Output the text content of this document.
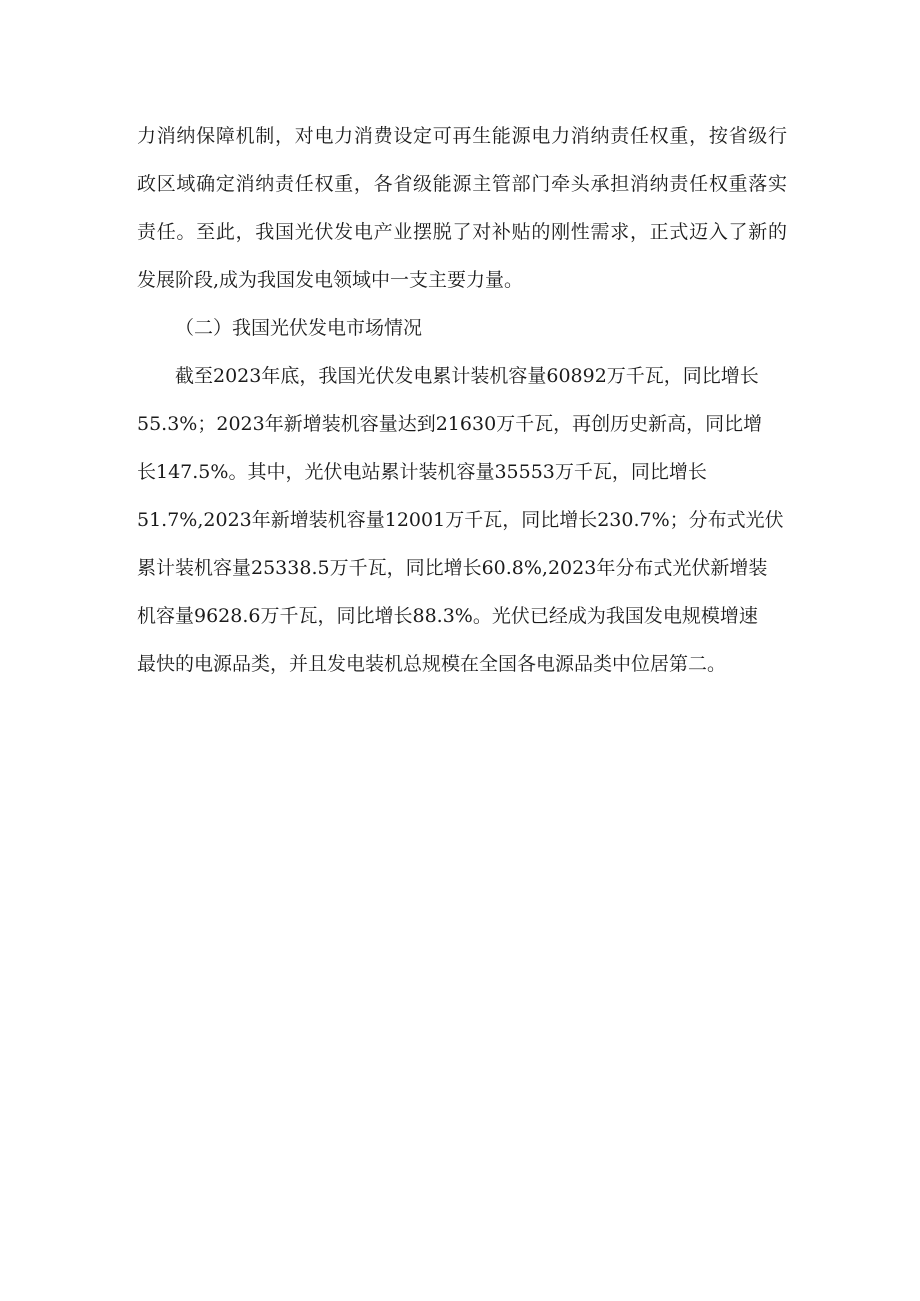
力消纳保障机制，对电力消费设定可再生能源电力消纳责任权重，按省级行
政区域确定消纳责任权重，各省级能源主管部门牵头承担消纳责任权重落实
责任。至此，我国光伏发电产业摆脱了对补贴的刚性需求，正式迈入了新的
发展阶段,成为我国发电领域中一支主要力量。
（二）我国光伏发电市场情况
截至2023年底，我国光伏发电累计装机容量60892万千瓦，同比增长
55.3%；2023年新增装机容量达到21630万千瓦，再创历史新高，同比增
长147.5%。其中，光伏电站累计装机容量35553万千瓦，同比增长
51.7%,2023年新增装机容量12001万千瓦，同比增长230.7%；分布式光伏
累计装机容量25338.5万千瓦，同比增长60.8%,2023年分布式光伏新增装
机容量9628.6万千瓦，同比增长88.3%。光伏已经成为我国发电规模增速
最快的电源品类，并且发电装机总规模在全国各电源品类中位居第二。
